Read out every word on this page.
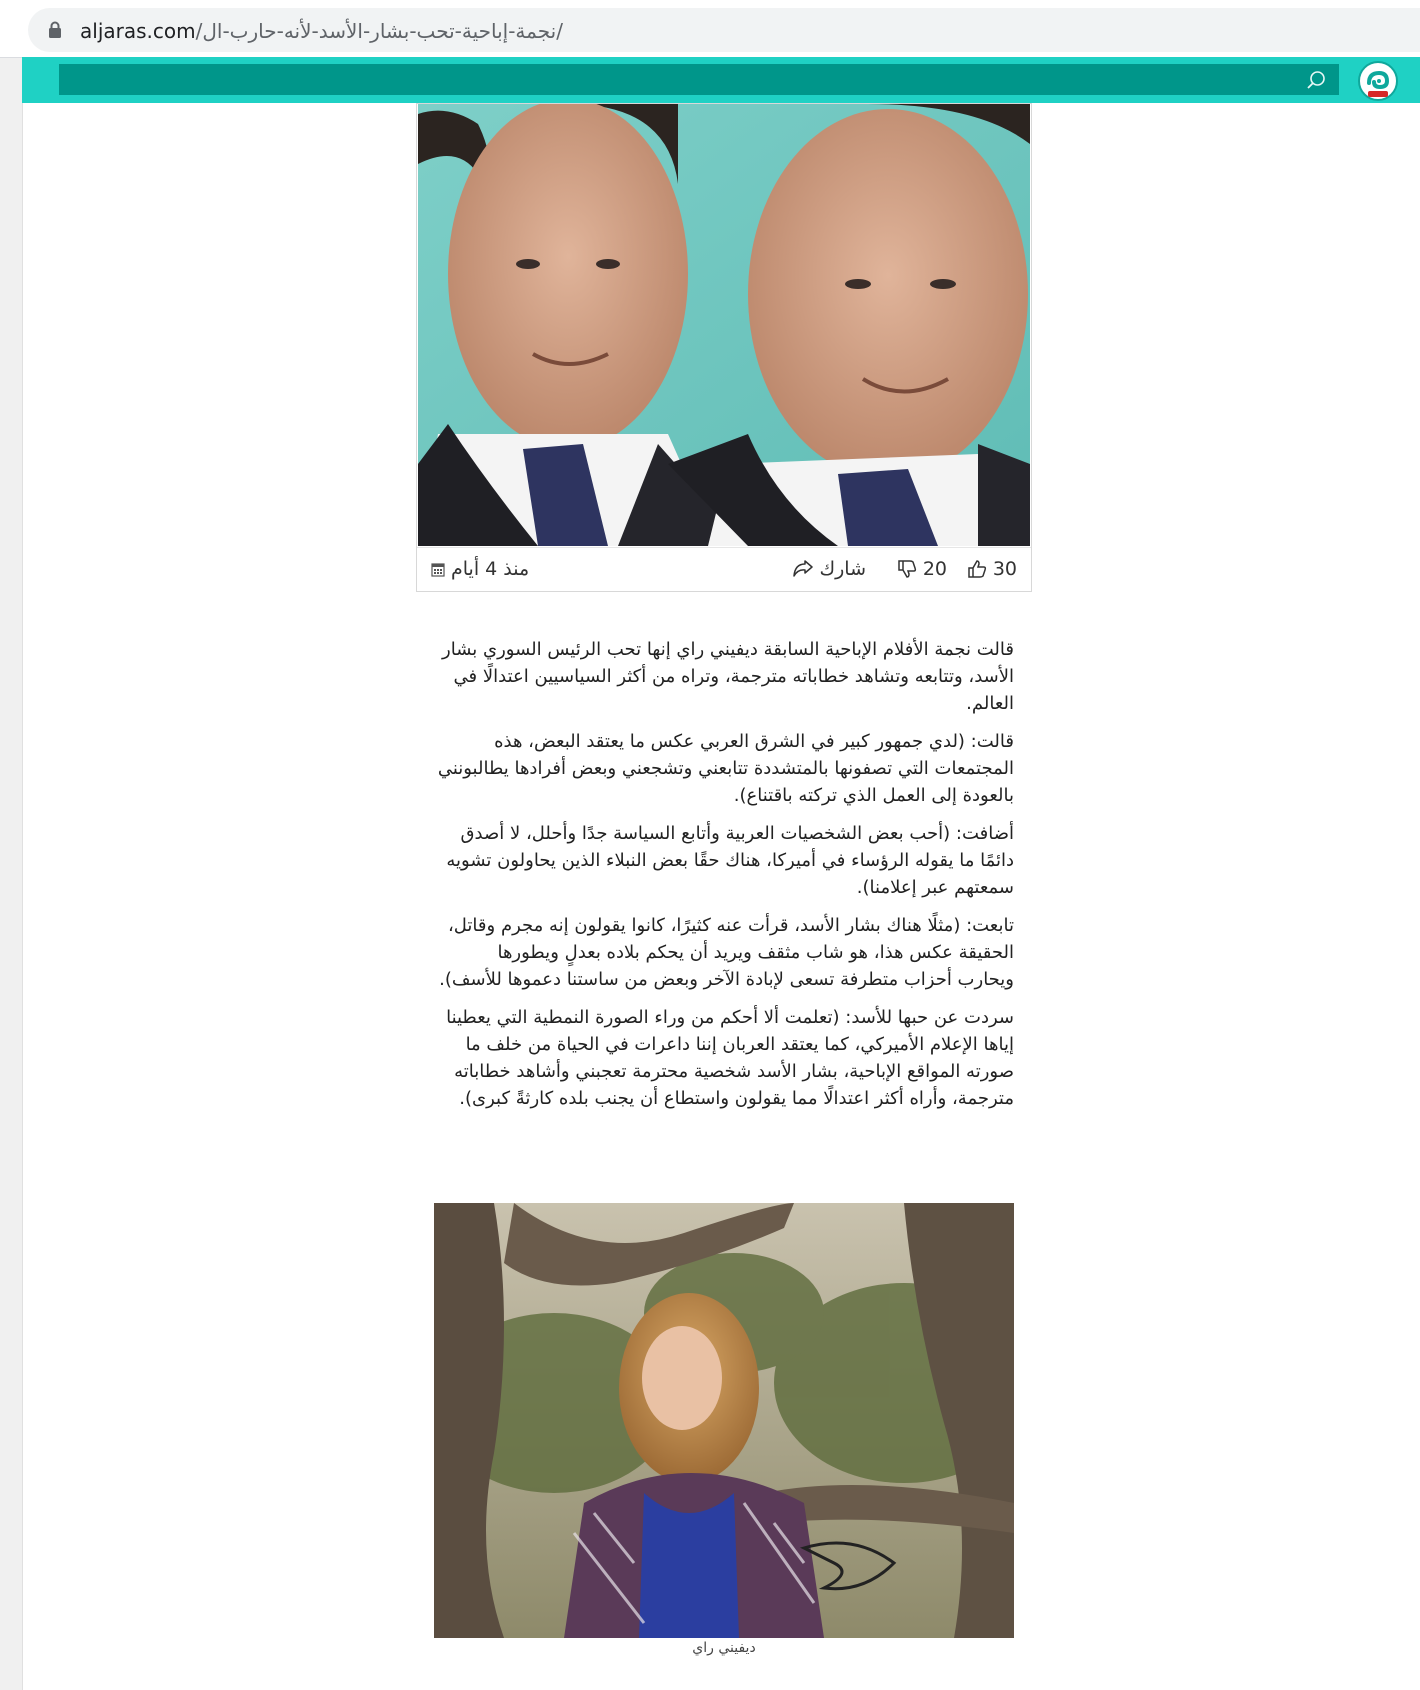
aljaras.com/نجمة-إباحية-تحب-بشار-الأسد-لأنه-حارب-ال/
30
20
شارك
منذ 4 أيام

قالت نجمة الأفلام الإباحية السابقة ديفيني راي إنها تحب الرئيس السوري بشار الأسد، وتتابعه وتشاهد خطاباته مترجمة، وتراه من أكثر السياسيين اعتدالًا في العالم.

قالت: (لدي جمهور كبير في الشرق العربي عكس ما يعتقد البعض، هذه المجتمعات التي تصفونها بالمتشددة تتابعني وتشجعني وبعض أفرادها يطالبونني بالعودة إلى العمل الذي تركته باقتناع).

أضافت: (أحب بعض الشخصيات العربية وأتابع السياسة جدًا وأحلل، لا أصدق دائمًا ما يقوله الرؤساء في أميركا، هناك حقًا بعض النبلاء الذين يحاولون تشويه سمعتهم عبر إعلامنا).

تابعت: (مثلًا هناك بشار الأسد، قرأت عنه كثيرًا، كانوا يقولون إنه مجرم وقاتل، الحقيقة عكس هذا، هو شاب مثقف ويريد أن يحكم بلاده بعدلٍ ويطورها ويحارب أحزاب متطرفة تسعى لإبادة الآخر وبعض من ساستنا دعموها للأسف).

سردت عن حبها للأسد: (تعلمت ألا أحكم من وراء الصورة النمطية التي يعطينا إياها الإعلام الأميركي، كما يعتقد العربان إننا داعرات في الحياة من خلف ما صورته المواقع الإباحية، بشار الأسد شخصية محترمة تعجبني وأشاهد خطاباته مترجمة، وأراه أكثر اعتدالًا مما يقولون واستطاع أن يجنب بلده كارثةً كبرى).

ديفيني راي
